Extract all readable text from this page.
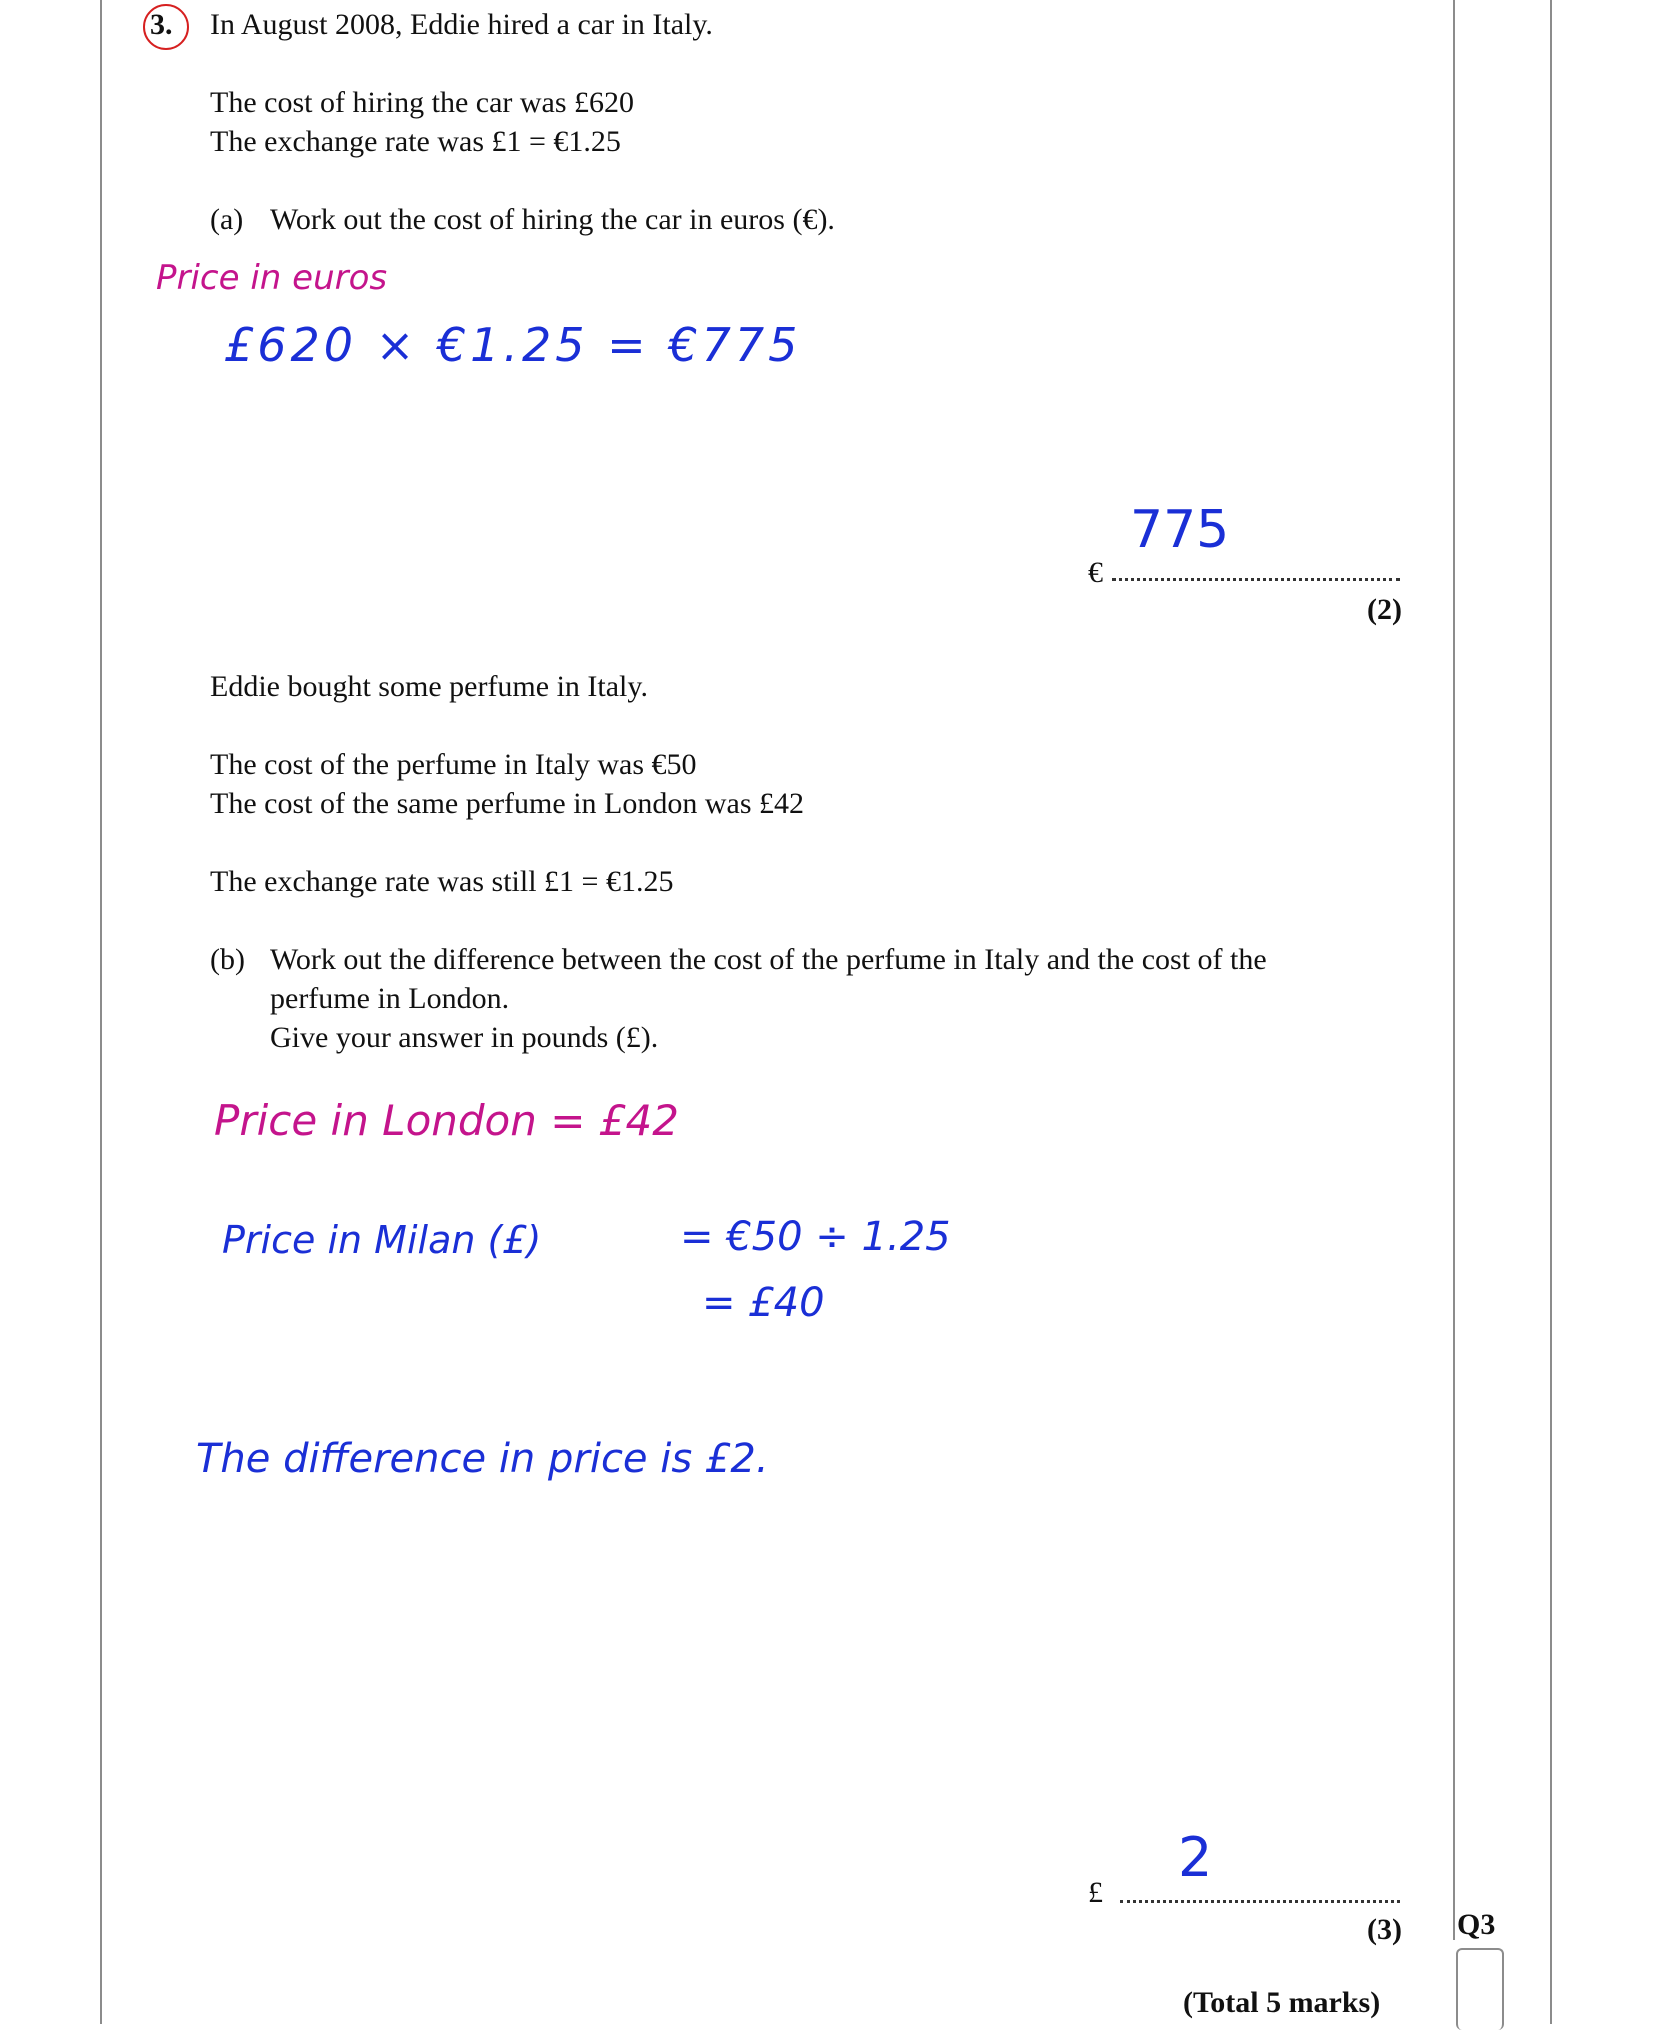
3. In August 2008, Eddie hired a car in Italy.
The cost of hiring the car was £620
The exchange rate was £1 = €1.25
(a) Work out the cost of hiring the car in euros (€).
Price in euros
£620 × €1.25 = €775
€
775
(2)
Eddie bought some perfume in Italy.
The cost of the perfume in Italy was €50
The cost of the same perfume in London was £42
The exchange rate was still £1 = €1.25
(b) Work out the difference between the cost of the perfume in Italy and the cost of the
perfume in London.
Give your answer in pounds (£).
Price in London = £42
Price in Milan (£)	= €50 ÷ 1.25
= £40
The difference in price is £2.
2
£
(3) Q3
(Total 5 marks)
